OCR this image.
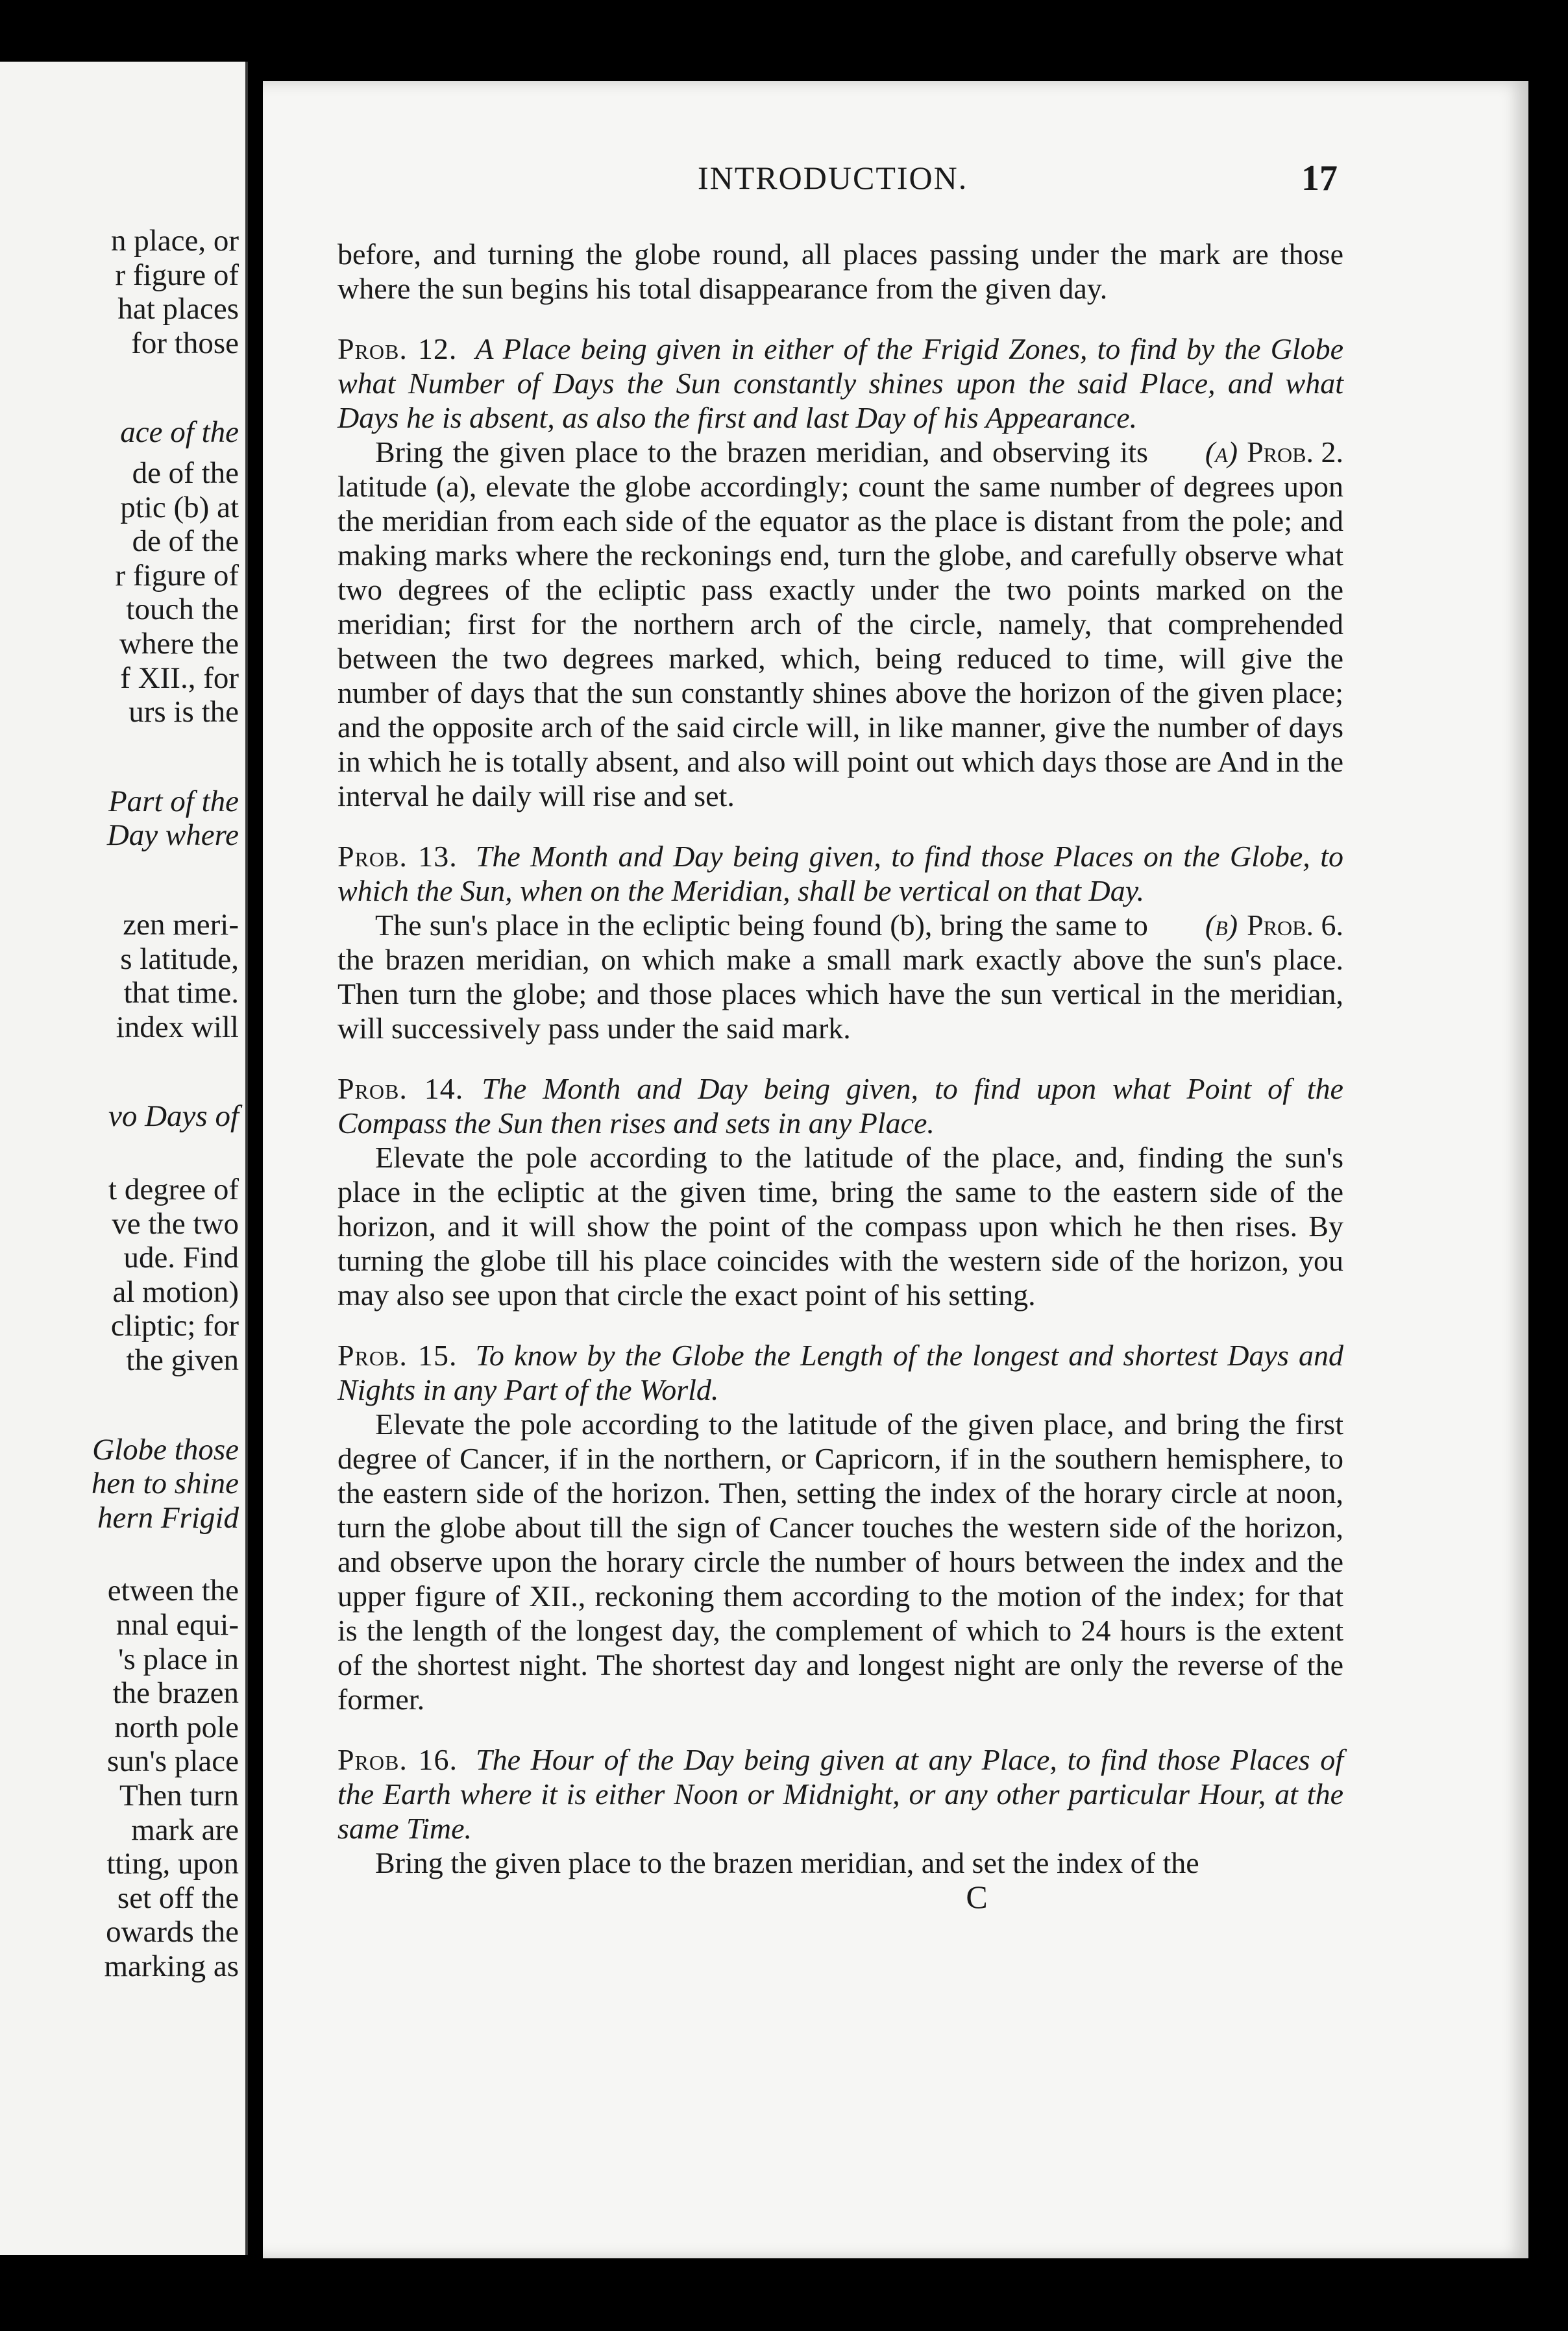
n place, or
r figure of
hat places
for those
ace of the
de of the
ptic (b) at
de of the
r figure of
touch the
where the
f XII., for
urs is the
Part of the
Day where
zen meri-
s latitude,
that time.
index will
vo Days of
t degree of
ve the two
ude. Find
al motion)
cliptic; for
the given
Globe those
hen to shine
hern Frigid
etween the
nnal equi-
's place in
the brazen
north pole
sun's place
Then turn
mark are
tting, upon
set off the
owards the
marking as
INTRODUCTION.	17

before, and turning the globe round, all places passing under the mark are those where the sun begins his total disappearance from the given day.

Prob. 12. A Place being given in either of the Frigid Zones, to find by the Globe what Number of Days the Sun constantly shines upon the said Place, and what Days he is absent, as also the first and last Day of his Appearance.

(a) Prob. 2.
Bring the given place to the brazen meridian, and observing its latitude (a), elevate the globe accordingly; count the same number of degrees upon the meridian from each side of the equator as the place is distant from the pole; and making marks where the reckonings end, turn the globe, and carefully observe what two degrees of the ecliptic pass exactly under the two points marked on the meridian; first for the northern arch of the circle, namely, that comprehended between the two degrees marked, which, being reduced to time, will give the number of days that the sun constantly shines above the horizon of the given place; and the opposite arch of the said circle will, in like manner, give the number of days in which he is totally absent, and also will point out which days those are And in the interval he daily will rise and set.

Prob. 13. The Month and Day being given, to find those Places on the Globe, to which the Sun, when on the Meridian, shall be vertical on that Day.

(b) Prob. 6.
The sun's place in the ecliptic being found (b), bring the same to the brazen meridian, on which make a small mark exactly above the sun's place. Then turn the globe; and those places which have the sun vertical in the meridian, will successively pass under the said mark.

Prob. 14. The Month and Day being given, to find upon what Point of the Compass the Sun then rises and sets in any Place.

Elevate the pole according to the latitude of the place, and, finding the sun's place in the ecliptic at the given time, bring the same to the eastern side of the horizon, and it will show the point of the compass upon which he then rises. By turning the globe till his place coincides with the western side of the horizon, you may also see upon that circle the exact point of his setting.

Prob. 15. To know by the Globe the Length of the longest and shortest Days and Nights in any Part of the World.

Elevate the pole according to the latitude of the given place, and bring the first degree of Cancer, if in the northern, or Capricorn, if in the southern hemisphere, to the eastern side of the horizon. Then, setting the index of the horary circle at noon, turn the globe about till the sign of Cancer touches the western side of the horizon, and observe upon the horary circle the number of hours between the index and the upper figure of XII., reckoning them according to the motion of the index; for that is the length of the longest day, the complement of which to 24 hours is the extent of the shortest night. The shortest day and longest night are only the reverse of the former.

Prob. 16. The Hour of the Day being given at any Place, to find those Places of the Earth where it is either Noon or Midnight, or any other particular Hour, at the same Time.

Bring the given place to the brazen meridian, and set the index of the

C
